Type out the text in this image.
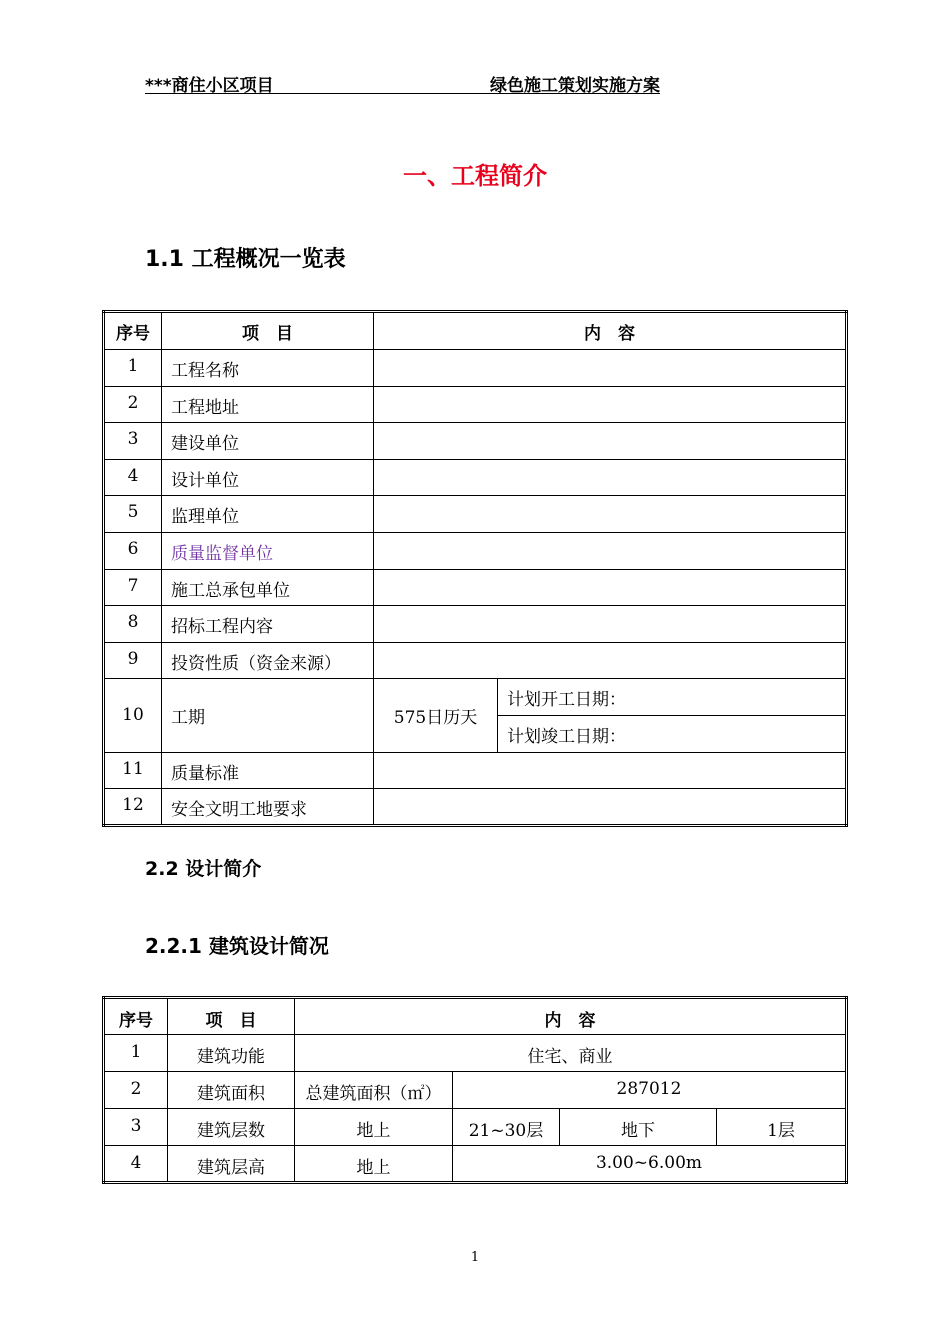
***商住小区项目	绿色施工策划实施方案
一、工程简介
1.1 工程概况一览表
序号	项　目	内　容	
1	工程名称		
2	工程地址		
3	建设单位		
4	设计单位		
5	监理单位		
6	质量监督单位		
7	施工总承包单位		
8	招标工程内容		
9	投资性质（资金来源）		
10	工期	575日历天	计划开工日期：
			计划竣工日期：
11	质量标准		
12	安全文明工地要求		
2.2 设计简介
2.2.1 建筑设计简况
序号	项　目	内　容			
1	建筑功能	住宅、商业			
2	建筑面积	总建筑面积（㎡）	287012		
3	建筑层数	地上	21~30层	地下	1层
4	建筑层高	地上	3.00~6.00m		
1
